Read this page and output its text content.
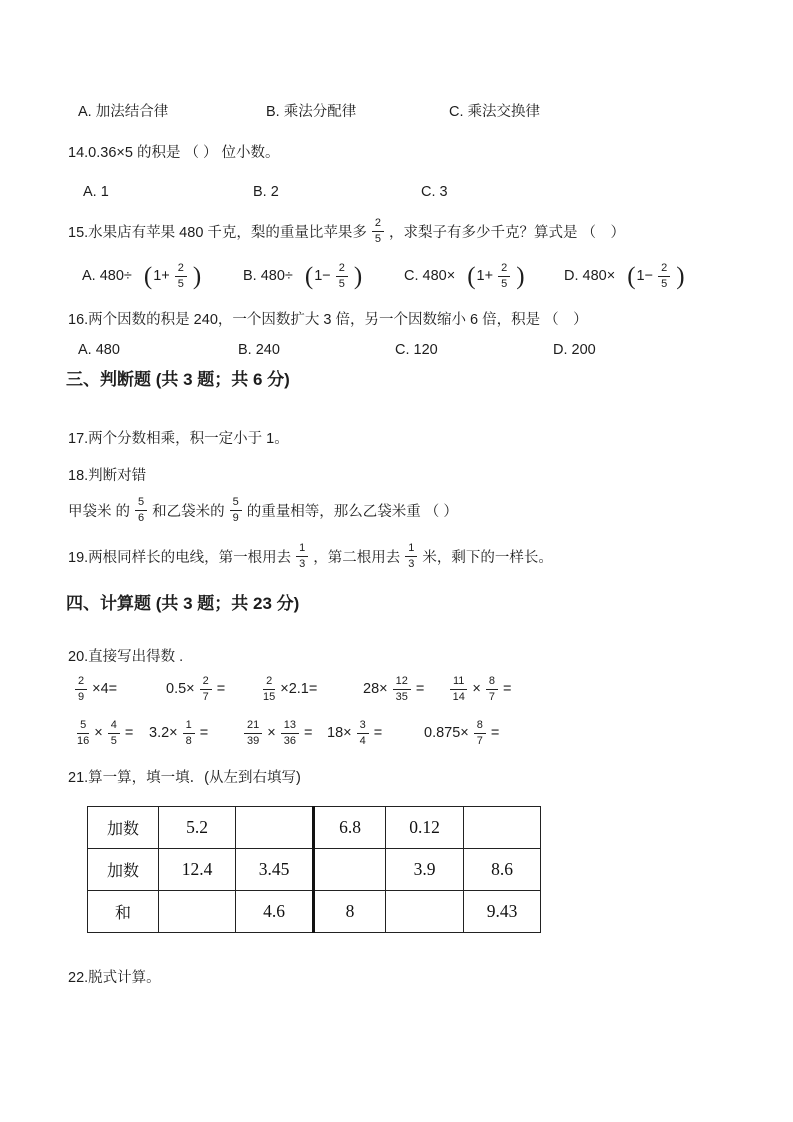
A. 加法结合律	B. 乘法分配律	C. 乘法交换律
14.0.36×5 的积是 （ ） 位小数。
A. 1	B. 2	C. 3
15.水果店有苹果 480 千克，梨的重量比苹果多 $\frac{2}{5}$ ，求梨子有多少千克？算式是 （　）
A. 480÷ ( $1+ \frac{2}{5}$ )	B. 480÷ ( $1- \frac{2}{5}$ )	C. 480× ( $1+ \frac{2}{5}$ )	D. 480× ( $1- \frac{2}{5}$ )
16.两个因数的积是 240，一个因数扩大 3 倍，另一个因数缩小 6 倍，积是 （　）
A. 480	B. 240	C. 120	D. 200
三、判断题 (共 3 题；共 6 分)
17.两个分数相乘，积一定小于 1。
18.判断对错
甲袋米 的 $\frac{5}{6}$ 和乙袋米的 $\frac{5}{9}$ 的重量相等，那么乙袋米重 （ ）
19.两根同样长的电线，第一根用去 $\frac{1}{3}$ ，第二根用去 $\frac{1}{3}$ 米，剩下的一样长。
四、计算题 (共 3 题；共 23 分)
20.直接写出得数 .
$\frac{2}{9} \times 4=$	$0.5\times \frac{2}{7}$ =	$\frac{2}{15} \times 2.1=$	$28\times \frac{12}{35} = \frac{11}{14} \times \frac{8}{7}$ =
$\frac{5}{16} \times \frac{4}{5} = 3.2\times \frac{1}{8}$ =	$\frac{21}{39} \times \frac{13}{36} = 18\times \frac{3}{4}$ =	$0.875\times \frac{8}{7}$ =
21.算一算，填一填．(从左到右填写)
加数	5.2		6.8	0.12	
加数	12.4	3.45		3.9	8.6
和		4.6	8		9.43
22.脱式计算。
